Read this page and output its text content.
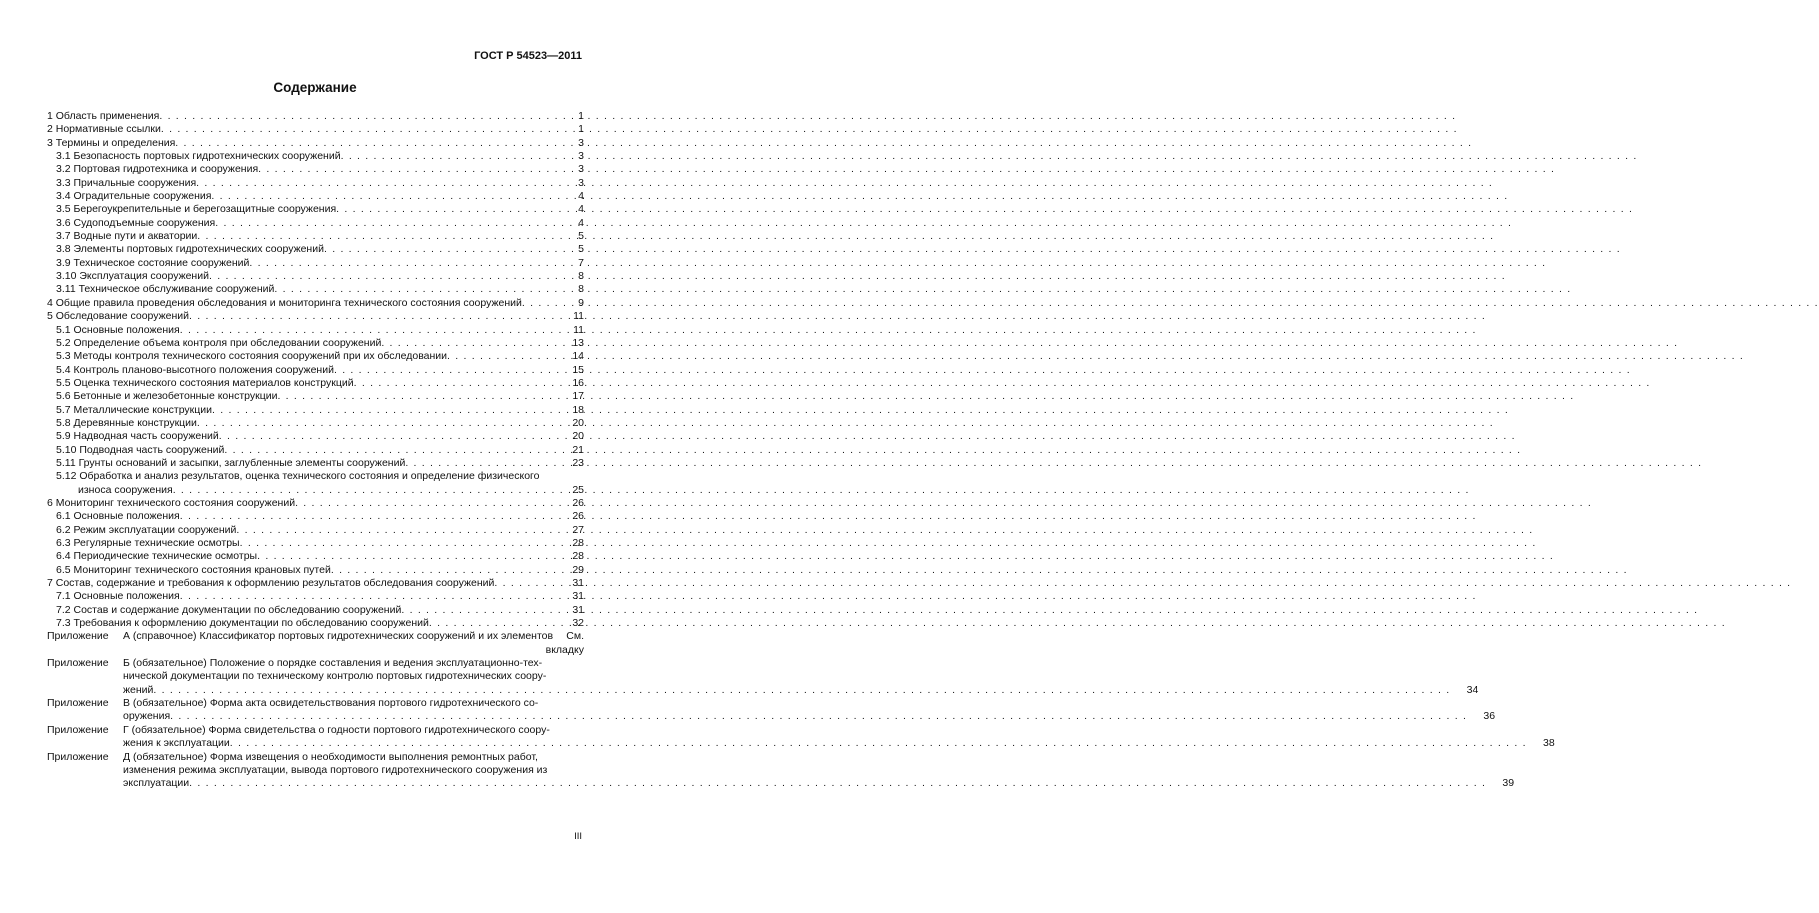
ГОСТ Р 54523—2011
Содержание
1 Область применения . . .	1
2 Нормативные ссылки . . .	1
3 Термины и определения . . .	3
3.1 Безопасность портовых гидротехнических сооружений . . .	3
3.2 Портовая гидротехника и сооружения . . .	3
3.3 Причальные сооружения . . .	3
3.4 Оградительные сооружения . . .	4
3.5 Берегоукрепительные и берегозащитные сооружения . . .	4
3.6 Судоподъемные сооружения . . .	4
3.7 Водные пути и акватории . . .	5
3.8 Элементы портовых гидротехнических сооружений . . .	5
3.9 Техническое состояние сооружений . . .	7
3.10 Эксплуатация сооружений . . .	8
3.11 Техническое обслуживание сооружений . . .	8
4 Общие правила проведения обследования и мониторинга технического состояния сооружений . . .	9
5 Обследование сооружений . . .	11
5.1 Основные положения . . .	11
5.2 Определение объема контроля при обследовании сооружений . . .	13
5.3 Методы контроля технического состояния сооружений при их обследовании . . .	14
5.4 Контроль планово-высотного положения сооружений . . .	15
5.5 Оценка технического состояния материалов конструкций . . .	16
5.6 Бетонные и железобетонные конструкции . . .	17
5.7 Металлические конструкции . . .	18
5.8 Деревянные конструкции . . .	20
5.9 Надводная часть сооружений . . .	20
5.10 Подводная часть сооружений . . .	21
5.11 Грунты оснований и засыпки, заглубленные элементы сооружений . . .	23
5.12 Обработка и анализ результатов, оценка технического состояния и определение физического
износа сооружения . . .	25
6 Мониторинг технического состояния сооружений . . .	26
6.1 Основные положения . . .	26
6.2 Режим эксплуатации сооружений . . .	27
6.3 Регулярные технические осмотры . . .	28
6.4 Периодические технические осмотры . . .	28
6.5 Мониторинг технического состояния крановых путей . . .	29
7 Состав, содержание и требования к оформлению результатов обследования сооружений . . .	31
7.1 Основные положения . . .	31
7.2 Состав и содержание документации по обследованию сооружений . . .	31
7.3 Требования к оформлению документации по обследованию сооружений . . .	32
Приложение	А (справочное) Классификатор портовых гидротехнических сооружений и их элементов	См.
вкладку
Приложение	Б (обязательное) Положение о порядке составления и ведения эксплуатационно-тех-
нической документации по техническому контролю портовых гидротехнических соору-
жений . . .	34
Приложение	В (обязательное) Форма акта освидетельствования портового гидротехнического со-
оружения . . .	36
Приложение	Г (обязательное) Форма свидетельства о годности портового гидротехнического соору-
жения к эксплуатации . . .	38
Приложение	Д (обязательное) Форма извещения о необходимости выполнения ремонтных работ,
изменения режима эксплуатации, вывода портового гидротехнического сооружения из
эксплуатации . . .	39
III
